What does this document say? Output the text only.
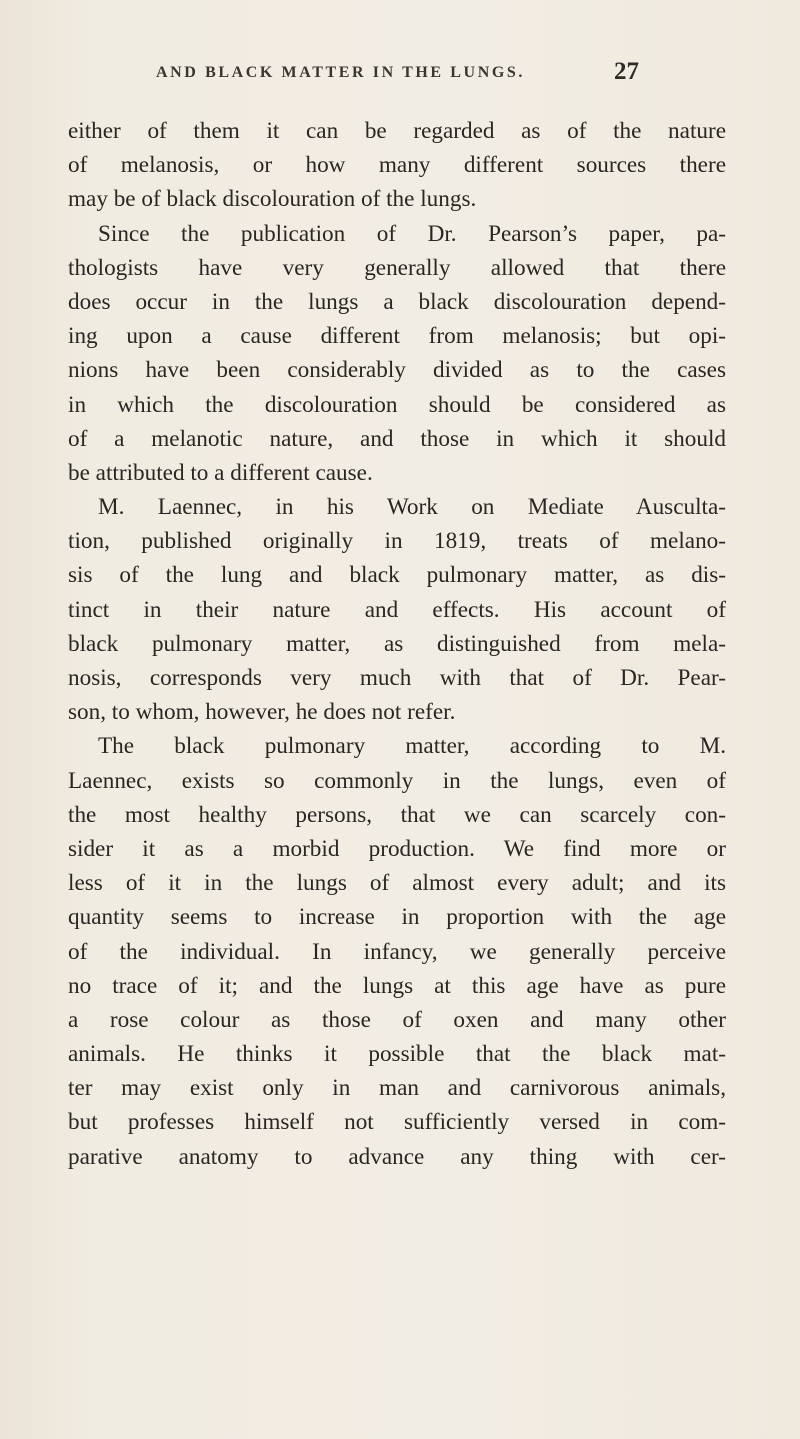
AND BLACK MATTER IN THE LUNGS.	27
either of them it can be regarded as of the nature
of melanosis, or how many different sources there
may be of black discolouration of the lungs.
Since the publication of Dr. Pearson’s paper, pa-
thologists have very generally allowed that there
does occur in the lungs a black discolouration depend-
ing upon a cause different from melanosis; but opi-
nions have been considerably divided as to the cases
in which the discolouration should be considered as
of a melanotic nature, and those in which it should
be attributed to a different cause.
M. Laennec, in his Work on Mediate Ausculta-
tion, published originally in 1819, treats of melano-
sis of the lung and black pulmonary matter, as dis-
tinct in their nature and effects. His account of
black pulmonary matter, as distinguished from mela-
nosis, corresponds very much with that of Dr. Pear-
son, to whom, however, he does not refer.
The black pulmonary matter, according to M.
Laennec, exists so commonly in the lungs, even of
the most healthy persons, that we can scarcely con-
sider it as a morbid production. We find more or
less of it in the lungs of almost every adult; and its
quantity seems to increase in proportion with the age
of the individual. In infancy, we generally perceive
no trace of it; and the lungs at this age have as pure
a rose colour as those of oxen and many other
animals. He thinks it possible that the black mat-
ter may exist only in man and carnivorous animals,
but professes himself not sufficiently versed in com-
parative anatomy to advance any thing with cer-
